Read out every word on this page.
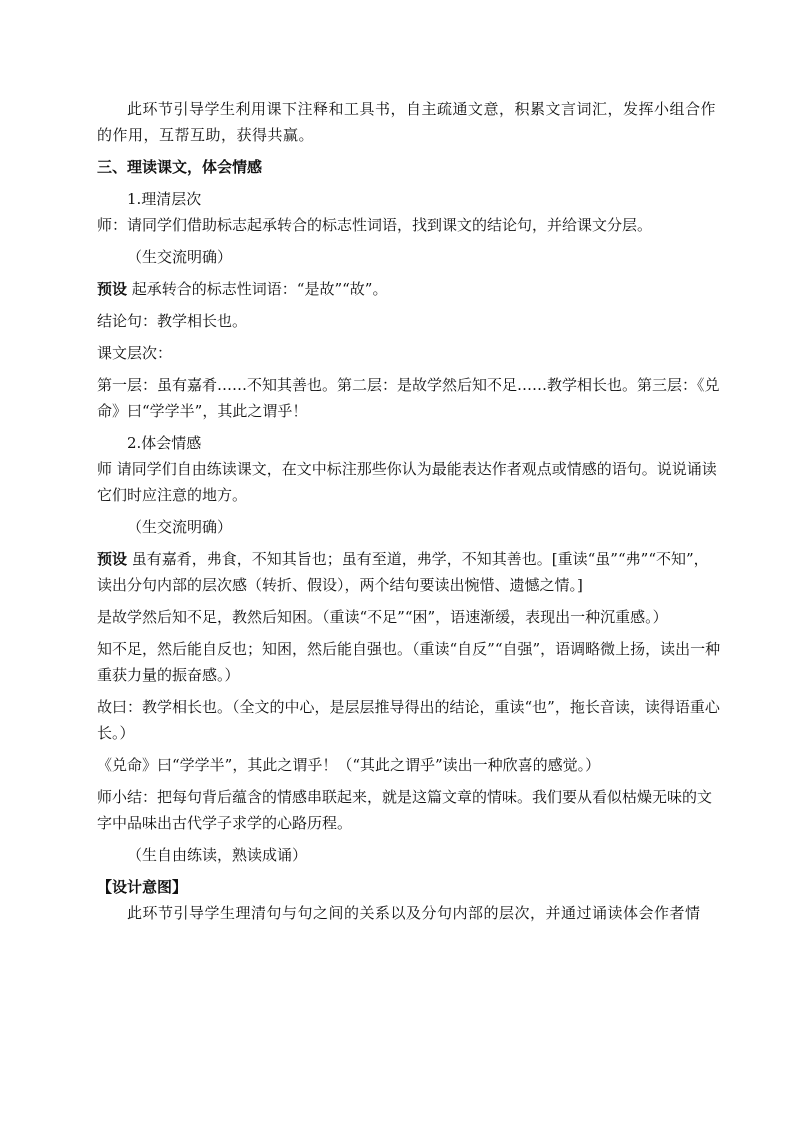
此环节引导学生利用课下注释和工具书，自主疏通文意，积累文言词汇，发挥小组合作的作用，互帮互助，获得共赢。

三、理读课文，体会情感

1.理清层次

师：请同学们借助标志起承转合的标志性词语，找到课文的结论句，并给课文分层。

（生交流明确）

预设 起承转合的标志性词语：“是故”“故”。

结论句：教学相长也。

课文层次：

第一层：虽有嘉肴……不知其善也。第二层：是故学然后知不足……教学相长也。第三层：《兑命》曰“学学半”，其此之谓乎！

2.体会情感

师 请同学们自由练读课文，在文中标注那些你认为最能表达作者观点或情感的语句。说说诵读它们时应注意的地方。

（生交流明确）

预设 虽有嘉肴，弗食，不知其旨也；虽有至道，弗学，不知其善也。[重读“虽”“弗”“不知”，读出分句内部的层次感（转折、假设），两个结句要读出惋惜、遗憾之情。]

是故学然后知不足，教然后知困。（重读“不足”“困”，语速渐缓，表现出一种沉重感。）

知不足，然后能自反也；知困，然后能自强也。（重读“自反”“自强”，语调略微上扬，读出一种重获力量的振奋感。）

故曰：教学相长也。（全文的中心，是层层推导得出的结论，重读“也”，拖长音读，读得语重心长。）

《兑命》曰“学学半”，其此之谓乎！（“其此之谓乎”读出一种欣喜的感觉。）

师小结：把每句背后蕴含的情感串联起来，就是这篇文章的情味。我们要从看似枯燥无味的文字中品味出古代学子求学的心路历程。

（生自由练读，熟读成诵）

【设计意图】

此环节引导学生理清句与句之间的关系以及分句内部的层次，并通过诵读体会作者情
